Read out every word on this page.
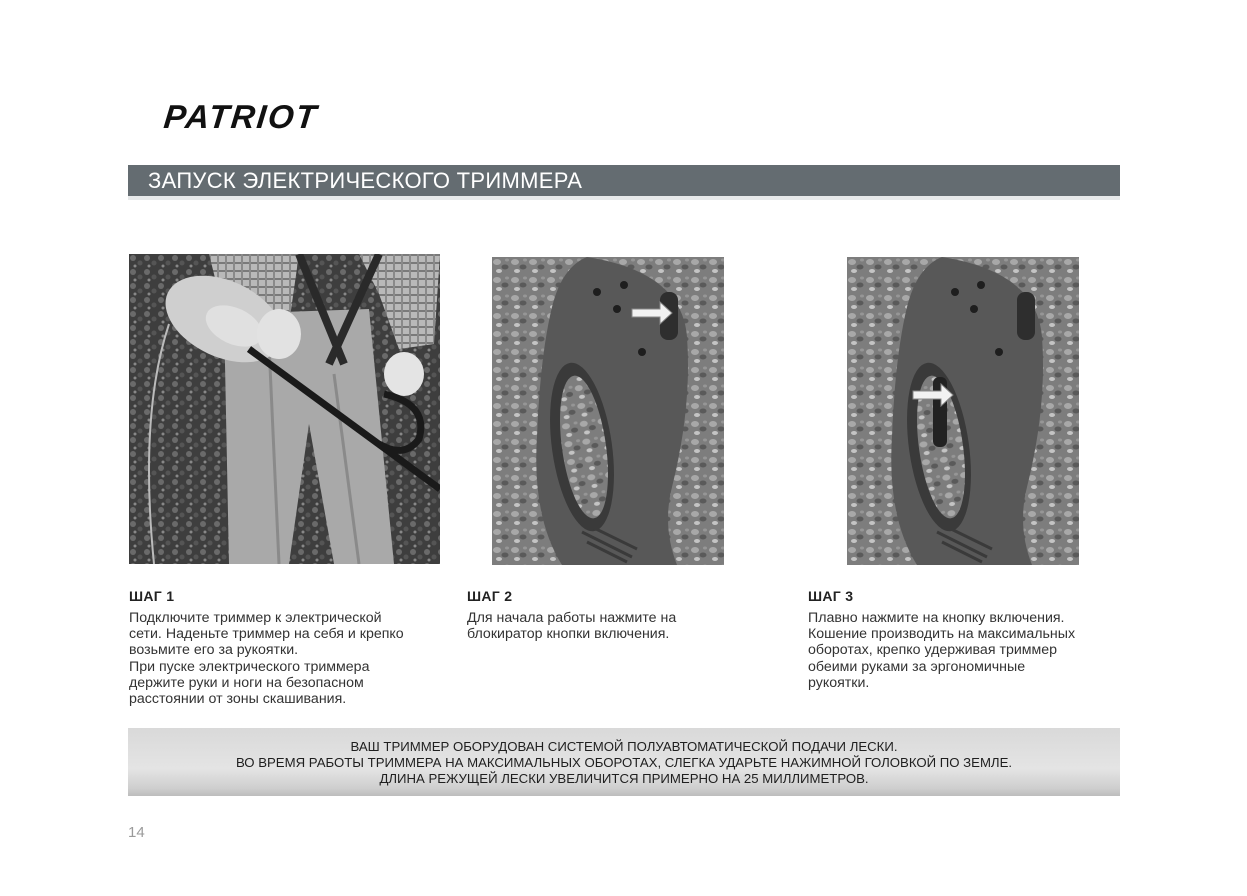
PATRIOT
ЗАПУСК ЭЛЕКТРИЧЕСКОГО ТРИММЕРА
ШАГ 1
Подключите триммер к электрической
сети. Наденьте триммер на себя и крепко
возьмите его за рукоятки.
При пуске электрического триммера
держите руки и ноги на безопасном
расстоянии от зоны скашивания.
ШАГ 2
Для начала работы нажмите на
блокиратор кнопки включения.
ШАГ 3
Плавно нажмите на кнопку включения.
Кошение производить на максимальных
оборотах, крепко удерживая триммер
обеими руками за эргономичные
рукоятки.
ВАШ ТРИММЕР ОБОРУДОВАН СИСТЕМОЙ ПОЛУАВТОМАТИЧЕСКОЙ ПОДАЧИ ЛЕСКИ.
ВО ВРЕМЯ РАБОТЫ ТРИММЕРА НА МАКСИМАЛЬНЫХ ОБОРОТАХ, СЛЕГКА УДАРЬТЕ НАЖИМНОЙ ГОЛОВКОЙ ПО ЗЕМЛЕ.
ДЛИНА РЕЖУЩЕЙ ЛЕСКИ УВЕЛИЧИТСЯ ПРИМЕРНО НА 25 МИЛЛИМЕТРОВ.
14
